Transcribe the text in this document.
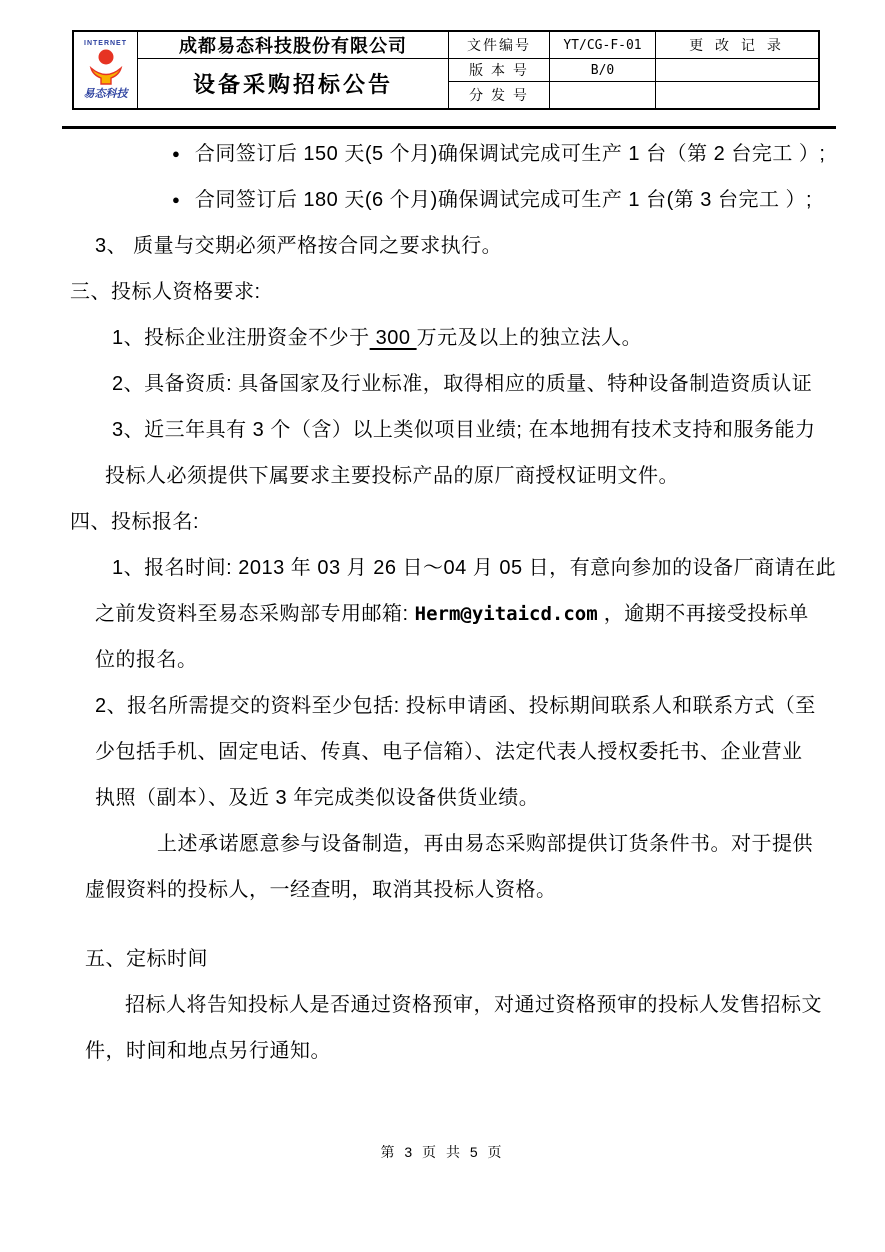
INTERNET
易态科技	成都易态科技股份有限公司	文件编号	YT/CG-F-01	更 改 记 录
	设备采购招标公告	版 本 号	B/0	
		分 发 号		
● 合同签订后 150 天(5 个月)确保调试完成可生产 1 台（第 2 台完工 ）;
● 合同签订后 180 天(6 个月)确保调试完成可生产 1 台(第 3 台完工 ）;
3、 质量与交期必须严格按合同之要求执行。
三、投标人资格要求:
1、投标企业注册资金不少于 300 万元及以上的独立法人。
2、具备资质: 具备国家及行业标准，取得相应的质量、特种设备制造资质认证
3、近三年具有 3 个（含）以上类似项目业绩; 在本地拥有技术支持和服务能力
投标人必须提供下属要求主要投标产品的原厂商授权证明文件。
四、投标报名:
1、报名时间: 2013 年 03 月 26 日～04 月 05 日，有意向参加的设备厂商请在此
之前发资料至易态采购部专用邮箱: Herm@yitaicd.com ，逾期不再接受投标单
位的报名。
2、报名所需提交的资料至少包括: 投标申请函、投标期间联系人和联系方式（至
少包括手机、固定电话、传真、电子信箱）、法定代表人授权委托书、企业营业
执照（副本）、及近 3 年完成类似设备供货业绩。
上述承诺愿意参与设备制造，再由易态采购部提供订货条件书。对于提供
虚假资料的投标人，一经查明，取消其投标人资格。
五、定标时间
招标人将告知投标人是否通过资格预审，对通过资格预审的投标人发售招标文
件，时间和地点另行通知。
第 3 页 共 5 页
